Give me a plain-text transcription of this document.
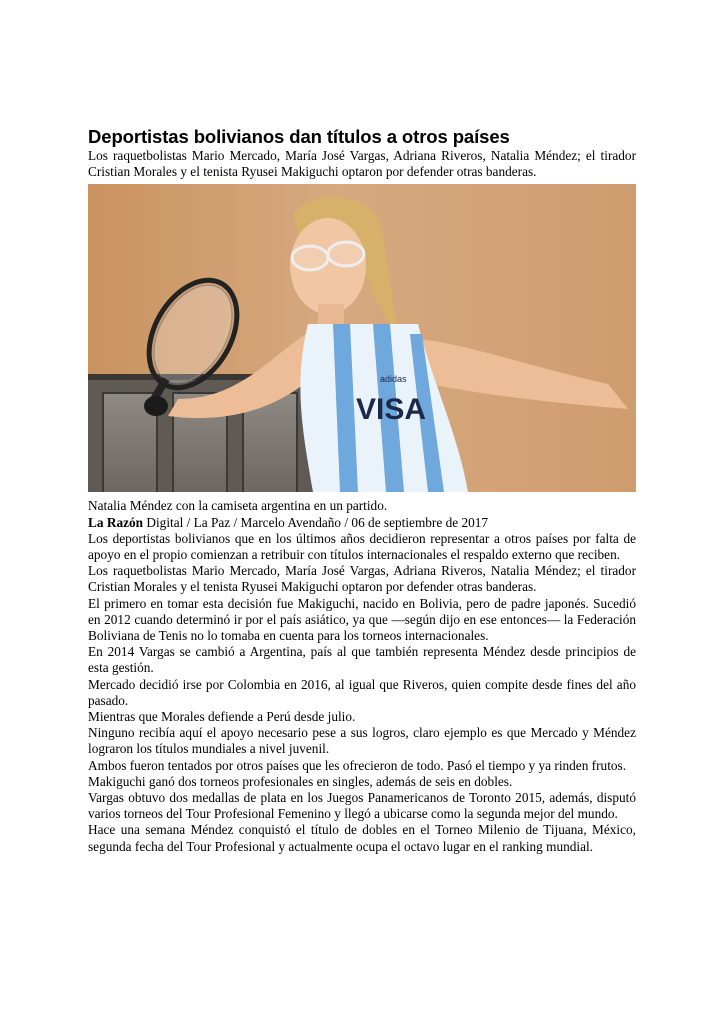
Deportistas bolivianos dan títulos a otros países

Los raquetbolistas Mario Mercado, María José Vargas, Adriana Riveros, Natalia Méndez; el tirador Cristian Morales y el tenista Ryusei Makiguchi optaron por defender otras banderas.

VISA
adidas

Natalia Méndez con la camiseta argentina en un partido.

La Razón Digital / La Paz / Marcelo Avendaño / 06 de septiembre de 2017

Los deportistas bolivianos que en los últimos años decidieron representar a otros países por falta de apoyo en el propio comienzan a retribuir con títulos internacionales el respaldo externo que reciben.

Los raquetbolistas Mario Mercado, María José Vargas, Adriana Riveros, Natalia Méndez; el tirador Cristian Morales y el tenista Ryusei Makiguchi optaron por defender otras banderas.

El primero en tomar esta decisión fue Makiguchi, nacido en Bolivia, pero de padre japonés. Sucedió en 2012 cuando determinó ir por el país asiático, ya que —según dijo en ese entonces— la Federación Boliviana de Tenis no lo tomaba en cuenta para los torneos internacionales.

En 2014 Vargas se cambió a Argentina, país al que también representa Méndez desde principios de esta gestión.

Mercado decidió irse por Colombia en 2016, al igual que Riveros, quien compite desde fines del año pasado.

Mientras que Morales defiende a Perú desde julio.

Ninguno recibía aquí el apoyo necesario pese a sus logros, claro ejemplo es que Mercado y Méndez lograron los títulos mundiales a nivel juvenil.

Ambos fueron tentados por otros países que les ofrecieron de todo. Pasó el tiempo y ya rinden frutos.

Makiguchi ganó dos torneos profesionales en singles, además de seis en dobles.

Vargas obtuvo dos medallas de plata en los Juegos Panamericanos de Toronto 2015, además, disputó varios torneos del Tour Profesional Femenino y llegó a ubicarse como la segunda mejor del mundo.

Hace una semana Méndez conquistó el título de dobles en el Torneo Milenio de Tijuana, México, segunda fecha del Tour Profesional y actualmente ocupa el octavo lugar en el ranking mundial.
